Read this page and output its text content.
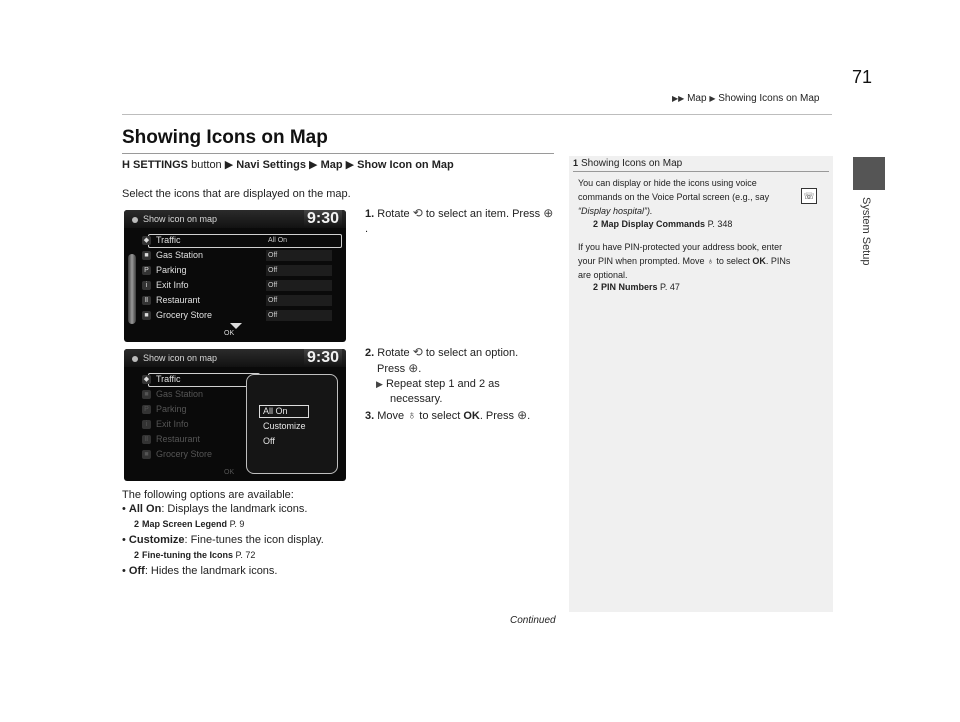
▶▶ Map ▶ Showing Icons on Map
71
System Setup
Showing Icons on Map
H SETTINGS button ▶ Navi Settings ▶ Map ▶ Show Icon on Map
Select the icons that are displayed on the map.
Show icon on map	9:30
◆ Traffic	All On
■ Gas Station	Off
P Parking	Off
i Exit Info	Off
Ⅱ Restaurant	Off
■ Grocery Store	Off
OK
Show icon on map	9:30
◆ Traffic
■ Gas Station
P Parking
i Exit Info
Ⅱ Restaurant
■ Grocery Store
All On
Customize
Off
OK
1. Rotate ⟲ to select an item. Press ⊕.
2. Rotate ⟲ to select an option.
Press ⊕.
▶ Repeat step 1 and 2 as
necessary.
3. Move ♁ to select OK. Press ⊕.
The following options are available:
• All On: Displays the landmark icons.
2 Map Screen Legend P. 9
• Customize: Fine-tunes the icon display.
2 Fine-tuning the Icons P. 72
• Off: Hides the landmark icons.
Continued
1 Showing Icons on Map
You can display or hide the icons using voice
commands on the Voice Portal screen (e.g., say	☏
“Display hospital”).
2 Map Display Commands P. 348
If you have PIN-protected your address book, enter
your PIN when prompted. Move ♁ to select OK. PINs
are optional.
2 PIN Numbers P. 47
